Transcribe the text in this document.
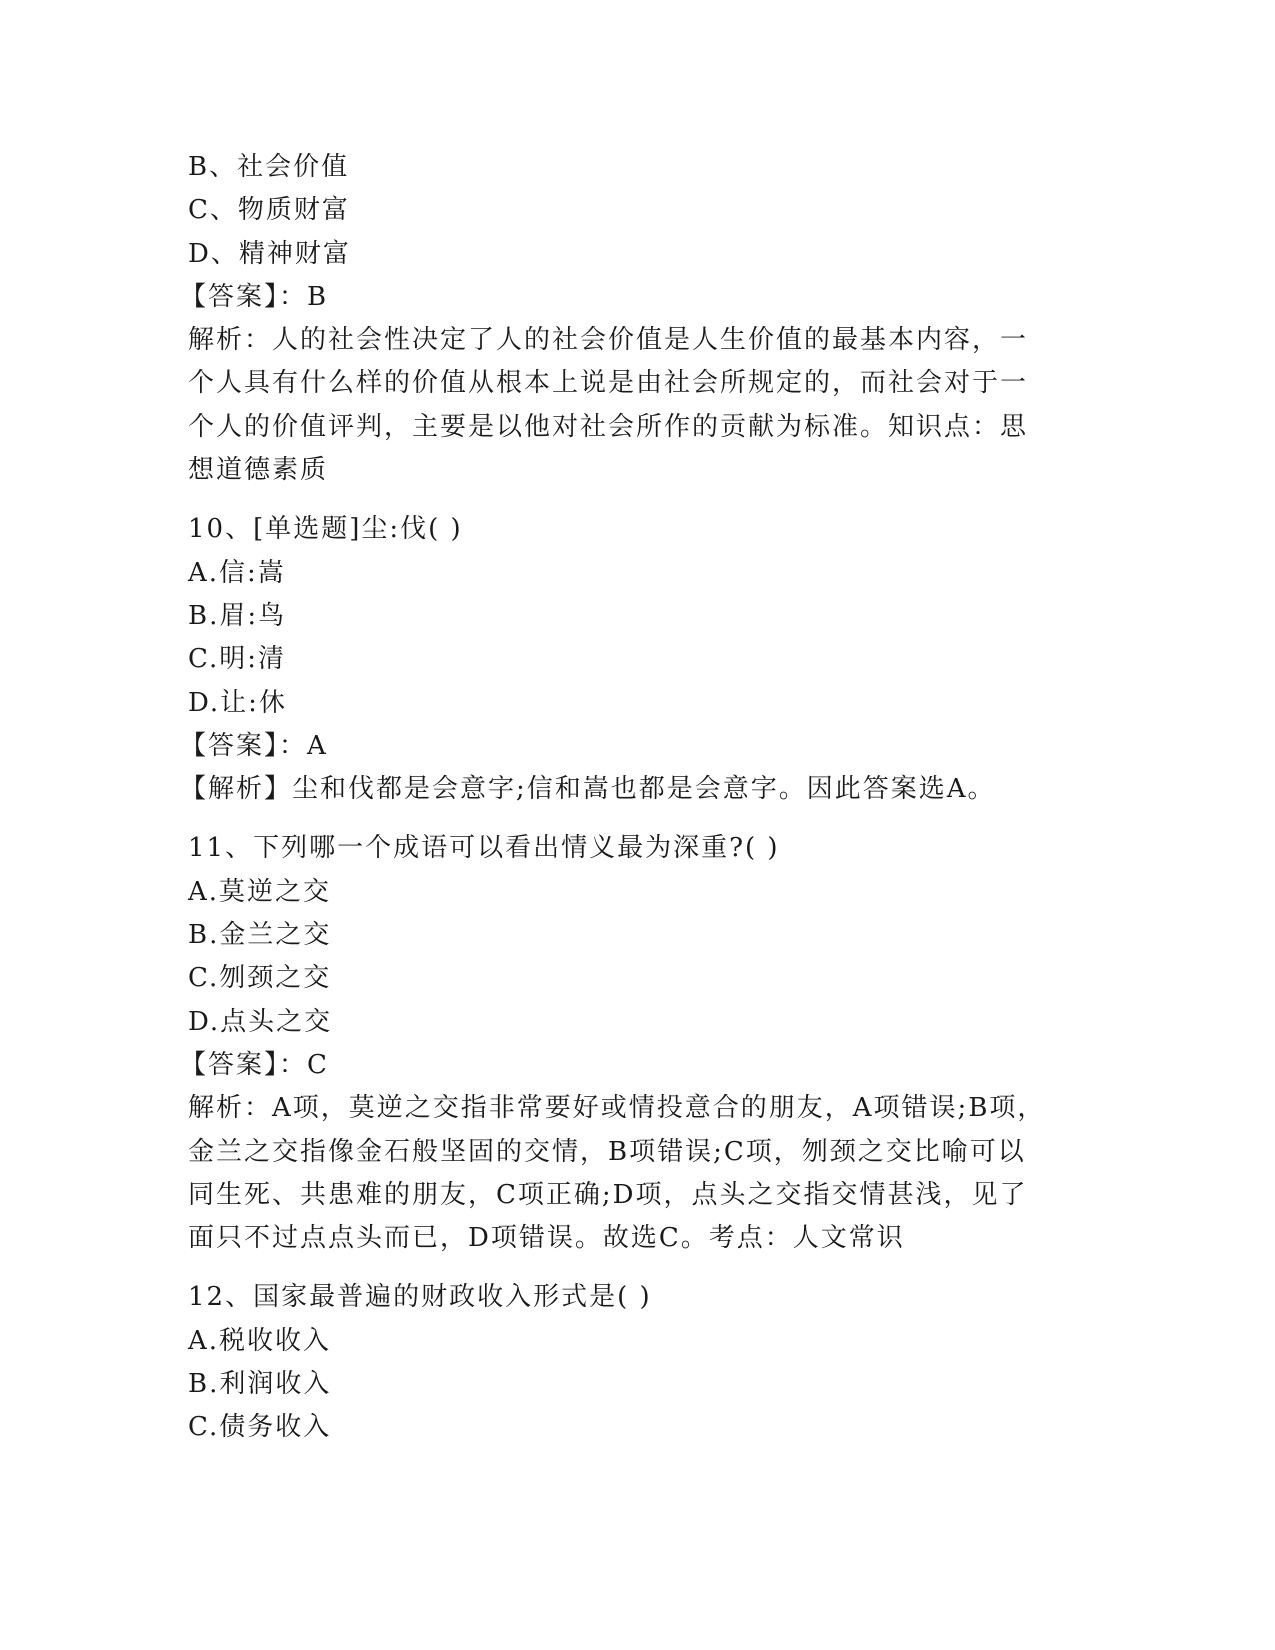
B、社会价值
C、物质财富
D、精神财富
【答案】：B
解析：人的社会性决定了人的社会价值是人生价值的最基本内容，一
个人具有什么样的价值从根本上说是由社会所规定的，而社会对于一
个人的价值评判，主要是以他对社会所作的贡献为标准。知识点：思
想道德素质
10、[单选题]尘:伐( )
A.信:嵩
B.眉:鸟
C.明:清
D.让:休
【答案】：A
【解析】尘和伐都是会意字;信和嵩也都是会意字。因此答案选A。
11、下列哪一个成语可以看出情义最为深重?( )
A.莫逆之交
B.金兰之交
C.刎颈之交
D.点头之交
【答案】：C
解析：A项，莫逆之交指非常要好或情投意合的朋友，A项错误;B项，
金兰之交指像金石般坚固的交情，B项错误;C项，刎颈之交比喻可以
同生死、共患难的朋友，C项正确;D项，点头之交指交情甚浅，见了
面只不过点点头而已，D项错误。故选C。考点：人文常识
12、国家最普遍的财政收入形式是( )
A.税收收入
B.利润收入
C.债务收入
